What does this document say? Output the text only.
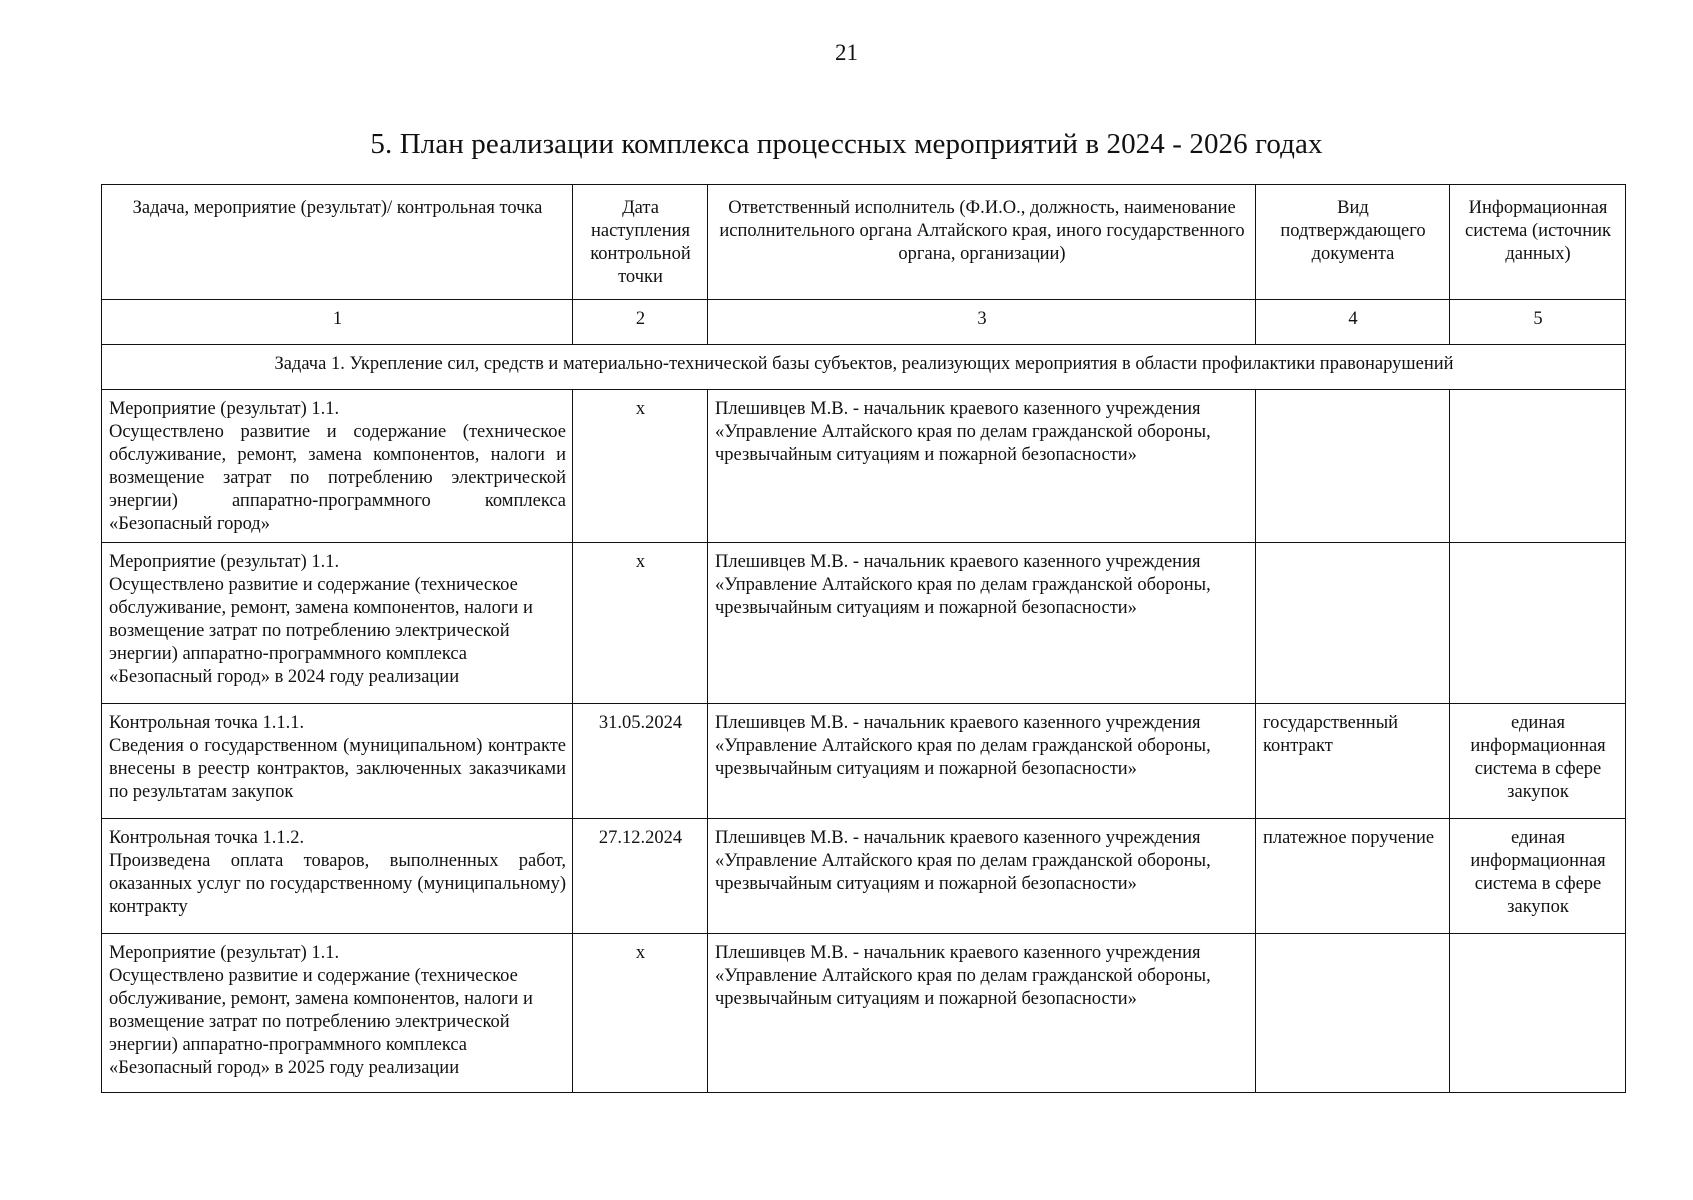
21
5. План реализации комплекса процессных мероприятий в 2024 - 2026 годах
Задача, мероприятие (результат)/ контрольная точка	Дата наступления контрольной точки	Ответственный исполнитель (Ф.И.О., должность, наименование исполнительного органа Алтайского края, иного государственного органа, организации)	Вид подтверждающего документа	Информационная система (источник данных)
1	2	3	4	5
Задача 1. Укрепление сил, средств и материально-технической базы субъектов, реализующих мероприятия в области профилактики правонарушений				

Мероприятие (результат) 1.1.
Осуществлено развитие и содержание (техническое обслуживание, ремонт, замена компонентов, налоги и возмещение затрат по потреблению электрической энергии) аппаратно-программного комплекса «Безопасный город»	x	Плешивцев М.В. - начальник краевого казенного учреждения «Управление Алтайского края по делам гражданской обороны, чрезвычайным ситуациям и пожарной безопасности»		

Мероприятие (результат) 1.1.
Осуществлено развитие и содержание (техническое обслуживание, ремонт, замена компонентов, налоги и возмещение затрат по потреблению электрической энергии) аппаратно-программного комплекса «Безопасный город» в 2024 году реализации	x	Плешивцев М.В. - начальник краевого казенного учреждения «Управление Алтайского края по делам гражданской обороны, чрезвычайным ситуациям и пожарной безопасности»		

Контрольная точка 1.1.1.
Сведения о государственном (муниципальном) контракте внесены в реестр контрактов, заключенных заказчиками по результатам закупок	31.05.2024	Плешивцев М.В. - начальник краевого казенного учреждения «Управление Алтайского края по делам гражданской обороны, чрезвычайным ситуациям и пожарной безопасности»	государственный контракт	единая информационная система в сфере закупок

Контрольная точка 1.1.2.
Произведена оплата товаров, выполненных работ, оказанных услуг по государственному (муниципальному) контракту	27.12.2024	Плешивцев М.В. - начальник краевого казенного учреждения «Управление Алтайского края по делам гражданской обороны, чрезвычайным ситуациям и пожарной безопасности»	платежное поручение	единая информационная система в сфере закупок

Мероприятие (результат) 1.1.
Осуществлено развитие и содержание (техническое обслуживание, ремонт, замена компонентов, налоги и возмещение затрат по потреблению электрической энергии) аппаратно-программного комплекса «Безопасный город» в 2025 году реализации	x	Плешивцев М.В. - начальник краевого казенного учреждения «Управление Алтайского края по делам гражданской обороны, чрезвычайным ситуациям и пожарной безопасности»		
